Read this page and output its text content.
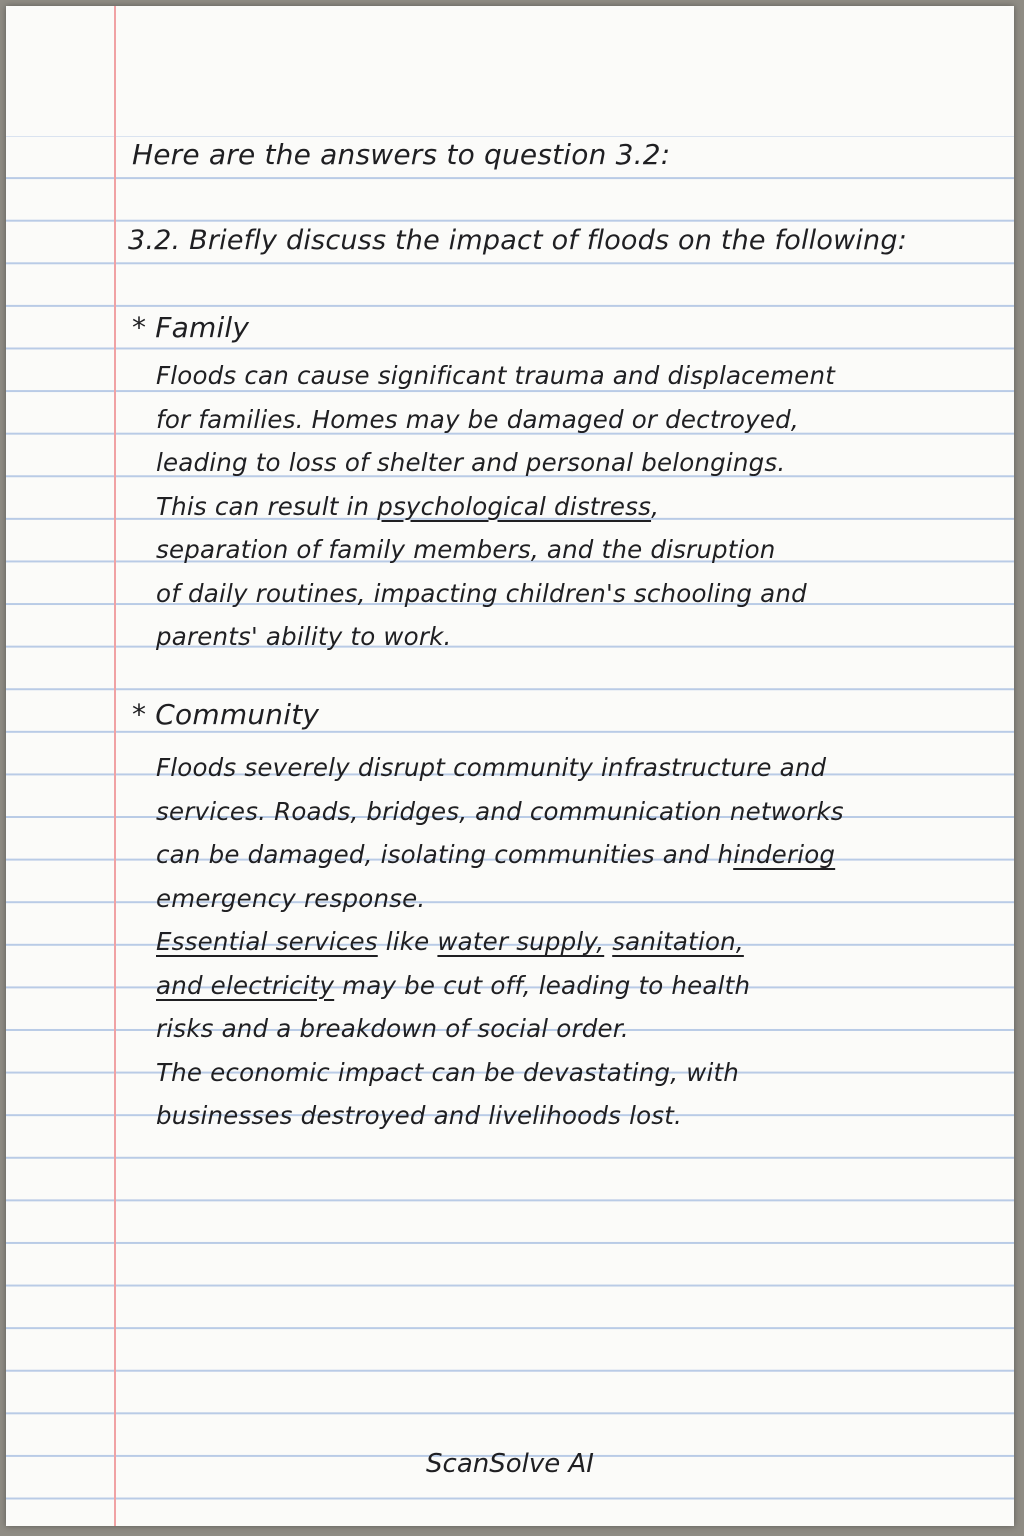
Here are the answers to question 3.2:
3.2. Briefly discuss the impact of floods on the following:
* Family
Floods can cause significant trauma and displacement
for families. Homes may be damaged or dectroyed,
leading to loss of shelter and personal belongings.
This can result in psychological distress,
separation of family members, and the disruption
of daily routines, impacting children's schooling and
parents' ability to work.
* Community
Floods severely disrupt community infrastructure and
services. Roads, bridges, and communication networks
can be damaged, isolating communities and hinderiog
emergency response.
Essential services like water supply, sanitation,
and electricity may be cut off, leading to health
risks and a breakdown of social order.
The economic impact can be devastating, with
businesses destroyed and livelihoods lost.
ScanSolve AI
